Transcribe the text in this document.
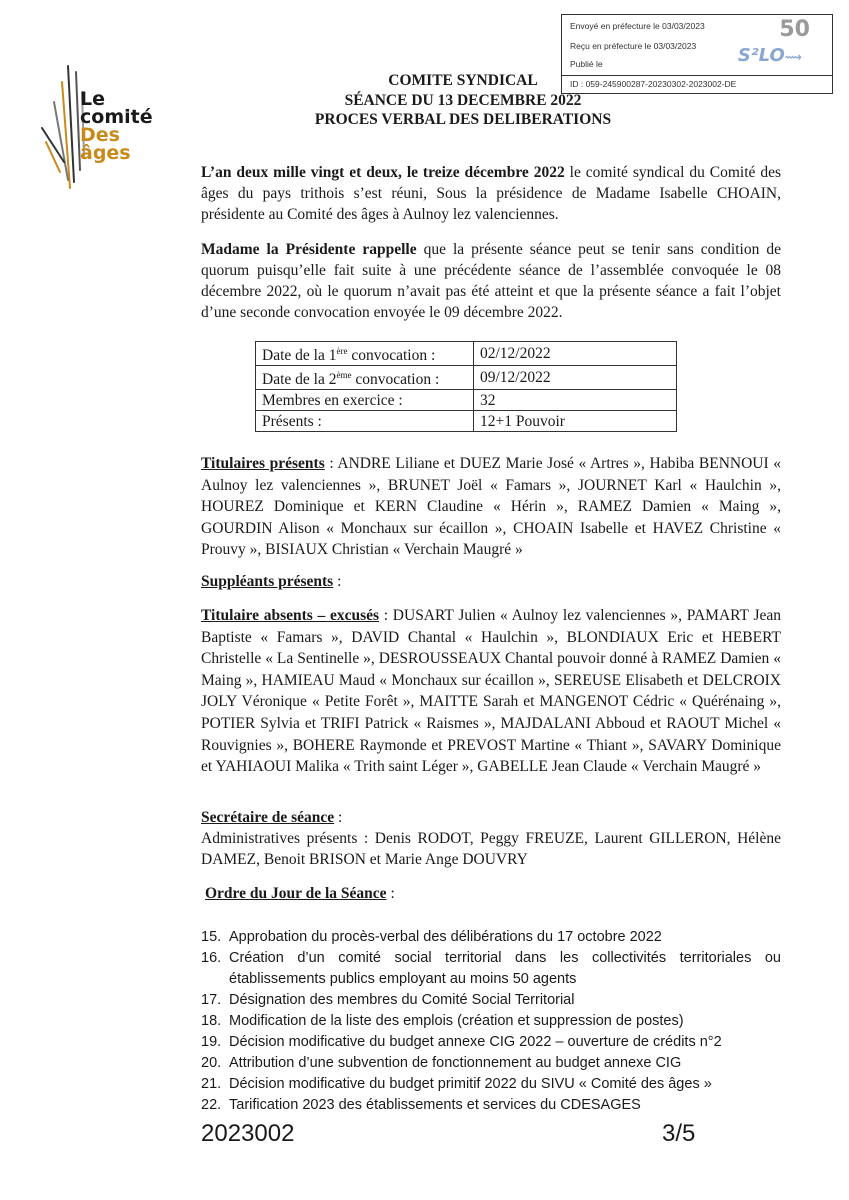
Envoyé en préfecture le 03/03/2023
Reçu en préfecture le 03/03/2023
Publié le
50
S²LO⟿
ID : 059-245900287-20230302-2023002-DE
Le
comité
Des
âges
COMITE SYNDICAL
SÉANCE DU 13 DECEMBRE 2022
PROCES VERBAL DES DELIBERATIONS
L’an deux mille vingt et deux, le treize décembre 2022 le comité syndical du Comité des âges du pays trithois s’est réuni, Sous la présidence de Madame Isabelle CHOAIN, présidente au Comité des âges à Aulnoy lez valenciennes.
Madame la Présidente rappelle que la présente séance peut se tenir sans condition de quorum puisqu’elle fait suite à une précédente séance de l’assemblée convoquée le 08 décembre 2022, où le quorum n’avait pas été atteint et que la présente séance a fait l’objet d’une seconde convocation envoyée le 09 décembre 2022.
Date de la 1ère convocation :	02/12/2022
Date de la 2ème convocation :	09/12/2022
Membres en exercice :	32
Présents :	12+1 Pouvoir
Titulaires présents : ANDRE Liliane et DUEZ Marie José « Artres », Habiba BENNOUI « Aulnoy lez valenciennes », BRUNET Joël « Famars », JOURNET Karl « Haulchin », HOUREZ Dominique et KERN Claudine « Hérin », RAMEZ Damien « Maing », GOURDIN Alison « Monchaux sur écaillon », CHOAIN Isabelle et HAVEZ Christine « Prouvy », BISIAUX Christian « Verchain Maugré »
Suppléants présents :
Titulaire absents – excusés : DUSART Julien « Aulnoy lez valenciennes », PAMART Jean Baptiste « Famars », DAVID Chantal « Haulchin », BLONDIAUX Eric et HEBERT Christelle « La Sentinelle », DESROUSSEAUX Chantal pouvoir donné à RAMEZ Damien « Maing », HAMIEAU Maud « Monchaux sur écaillon », SEREUSE Elisabeth et DELCROIX JOLY Véronique « Petite Forêt », MAITTE Sarah et MANGENOT Cédric « Quérénaing », POTIER Sylvia et TRIFI Patrick « Raismes », MAJDALANI Abboud et RAOUT Michel « Rouvignies », BOHERE Raymonde et PREVOST Martine « Thiant », SAVARY Dominique et YAHIAOUI Malika « Trith saint Léger », GABELLE Jean Claude « Verchain Maugré »
Secrétaire de séance :
Administratives présents : Denis RODOT, Peggy FREUZE, Laurent GILLERON, Hélène DAMEZ, Benoit BRISON et Marie Ange DOUVRY
Ordre du Jour de la Séance :
15. Approbation du procès-verbal des délibérations du 17 octobre 2022
16. Création d’un comité social territorial dans les collectivités territoriales ou établissements publics employant au moins 50 agents
17. Désignation des membres du Comité Social Territorial
18. Modification de la liste des emplois (création et suppression de postes)
19. Décision modificative du budget annexe CIG 2022 – ouverture de crédits n°2
20. Attribution d’une subvention de fonctionnement au budget annexe CIG
21. Décision modificative du budget primitif 2022 du SIVU « Comité des âges »
22. Tarification 2023 des établissements et services du CDESAGES
2023002	3/5
